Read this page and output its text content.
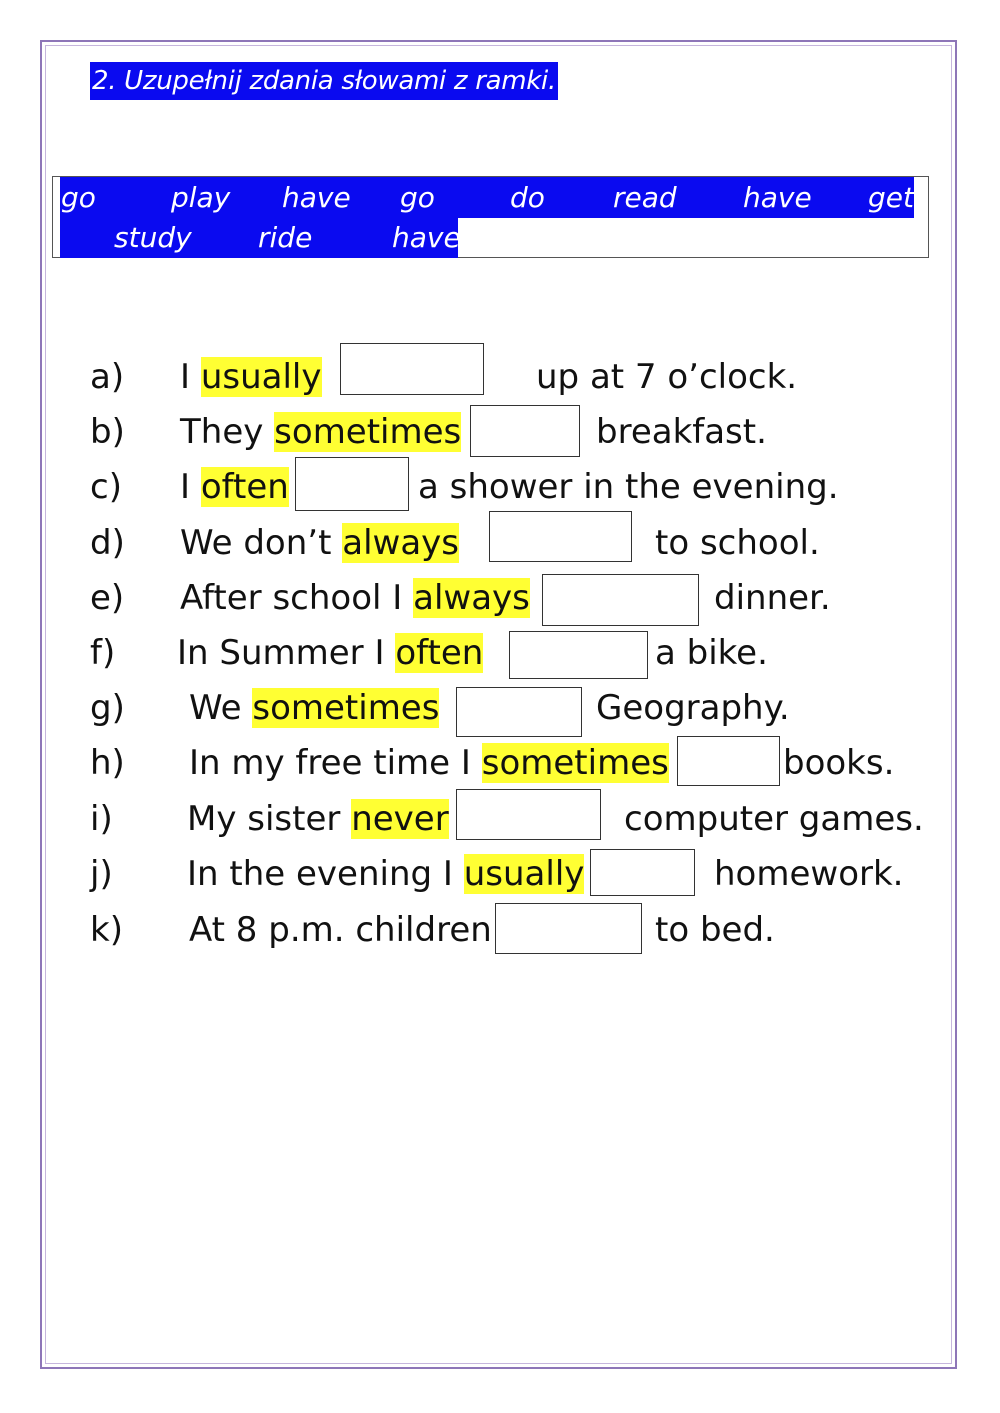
2. Uzupełnij zdania słowami z ramki.
go	play have go	do read have get
study ride	have
a) I usually	up at 7 o’clock.
b) They sometimes	breakfast.
c) I often	a shower in the evening.
d) We don’t always	to school.
e) After school I always	dinner.
f) In Summer I often	a bike.
g) We sometimes	Geography.
h) In my free time I sometimes	books.
i) My sister never	computer games.
j) In the evening I usually	homework.
k) At 8 p.m. children	to bed.
